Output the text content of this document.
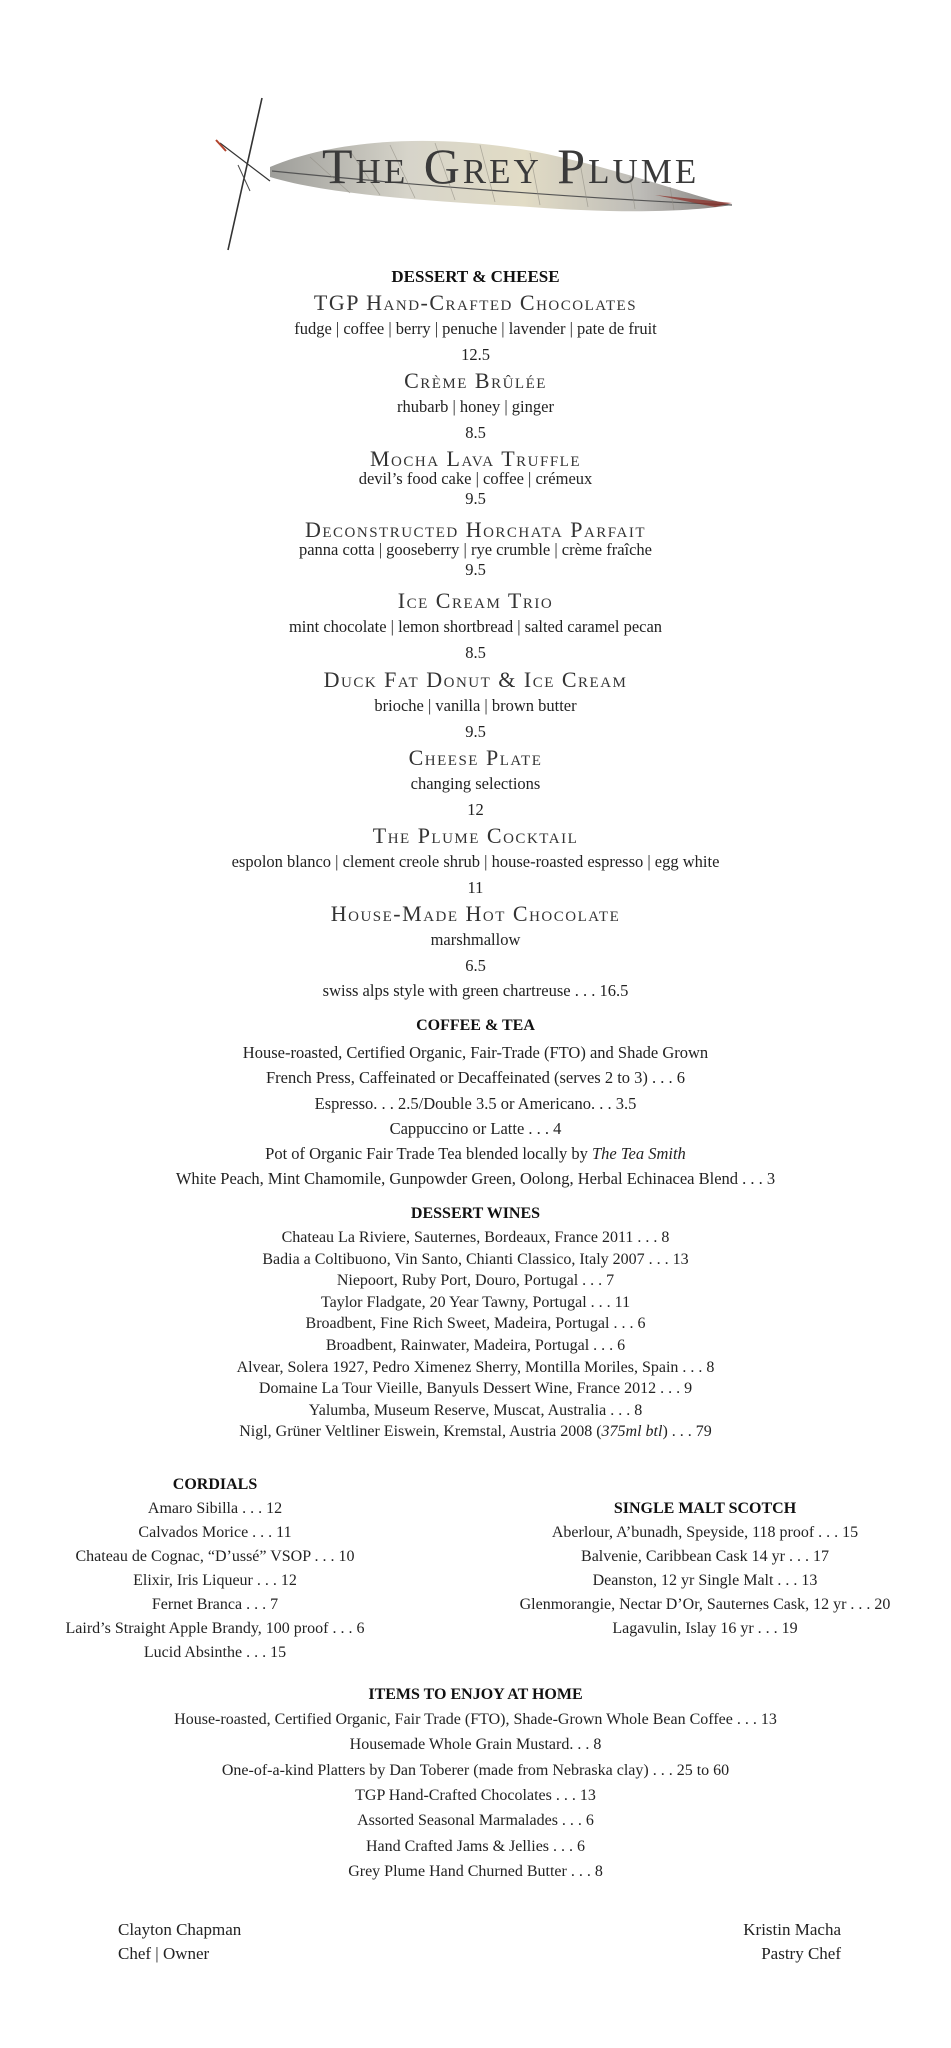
The Grey Plume
DESSERT & CHEESE
TGP Hand-Crafted Chocolates
fudge | coffee | berry | penuche | lavender | pate de fruit
12.5
Crème Brûlée
rhubarb | honey | ginger
8.5
Mocha Lava Truffle
devil’s food cake | coffee | crémeux
9.5
Deconstructed Horchata Parfait
panna cotta | gooseberry | rye crumble | crème fraîche
9.5
Ice Cream Trio
mint chocolate | lemon shortbread | salted caramel pecan
8.5
Duck Fat Donut & Ice Cream
brioche | vanilla | brown butter
9.5
Cheese Plate
changing selections
12
The Plume Cocktail
espolon blanco | clement creole shrub | house-roasted espresso | egg white
11
House-Made Hot Chocolate
marshmallow
6.5
swiss alps style with green chartreuse . . . 16.5
COFFEE & TEA
House-roasted, Certified Organic, Fair-Trade (FTO) and Shade Grown
French Press, Caffeinated or Decaffeinated (serves 2 to 3) . . . 6
Espresso. . . 2.5/Double 3.5 or Americano. . . 3.5
Cappuccino or Latte . . . 4
Pot of Organic Fair Trade Tea blended locally by The Tea Smith
White Peach, Mint Chamomile, Gunpowder Green, Oolong, Herbal Echinacea Blend . . . 3
DESSERT WINES
Chateau La Riviere, Sauternes, Bordeaux, France 2011 . . . 8
Badia a Coltibuono, Vin Santo, Chianti Classico, Italy 2007 . . . 13
Niepoort, Ruby Port, Douro, Portugal . . . 7
Taylor Fladgate, 20 Year Tawny, Portugal . . . 11
Broadbent, Fine Rich Sweet, Madeira, Portugal . . . 6
Broadbent, Rainwater, Madeira, Portugal . . . 6
Alvear, Solera 1927, Pedro Ximenez Sherry, Montilla Moriles, Spain . . . 8
Domaine La Tour Vieille, Banyuls Dessert Wine, France 2012 . . . 9
Yalumba, Museum Reserve, Muscat, Australia . . . 8
Nigl, Grüner Veltliner Eiswein, Kremstal, Austria 2008 (375ml btl) . . . 79
CORDIALS
Amaro Sibilla . . . 12
Calvados Morice . . . 11
Chateau de Cognac, “D’ussé” VSOP . . . 10
Elixir, Iris Liqueur . . . 12
Fernet Branca . . . 7
Laird’s Straight Apple Brandy, 100 proof . . . 6
Lucid Absinthe . . . 15
SINGLE MALT SCOTCH
Aberlour, A’bunadh, Speyside, 118 proof . . . 15
Balvenie, Caribbean Cask 14 yr . . . 17
Deanston, 12 yr Single Malt . . . 13
Glenmorangie, Nectar D’Or, Sauternes Cask, 12 yr . . . 20
Lagavulin, Islay 16 yr . . . 19
ITEMS TO ENJOY AT HOME
House-roasted, Certified Organic, Fair Trade (FTO), Shade-Grown Whole Bean Coffee . . . 13
Housemade Whole Grain Mustard. . . 8
One-of-a-kind Platters by Dan Toberer (made from Nebraska clay) . . . 25 to 60
TGP Hand-Crafted Chocolates . . . 13
Assorted Seasonal Marmalades . . . 6
Hand Crafted Jams & Jellies . . . 6
Grey Plume Hand Churned Butter . . . 8
Clayton Chapman
Chef | Owner
Kristin Macha
Pastry Chef
